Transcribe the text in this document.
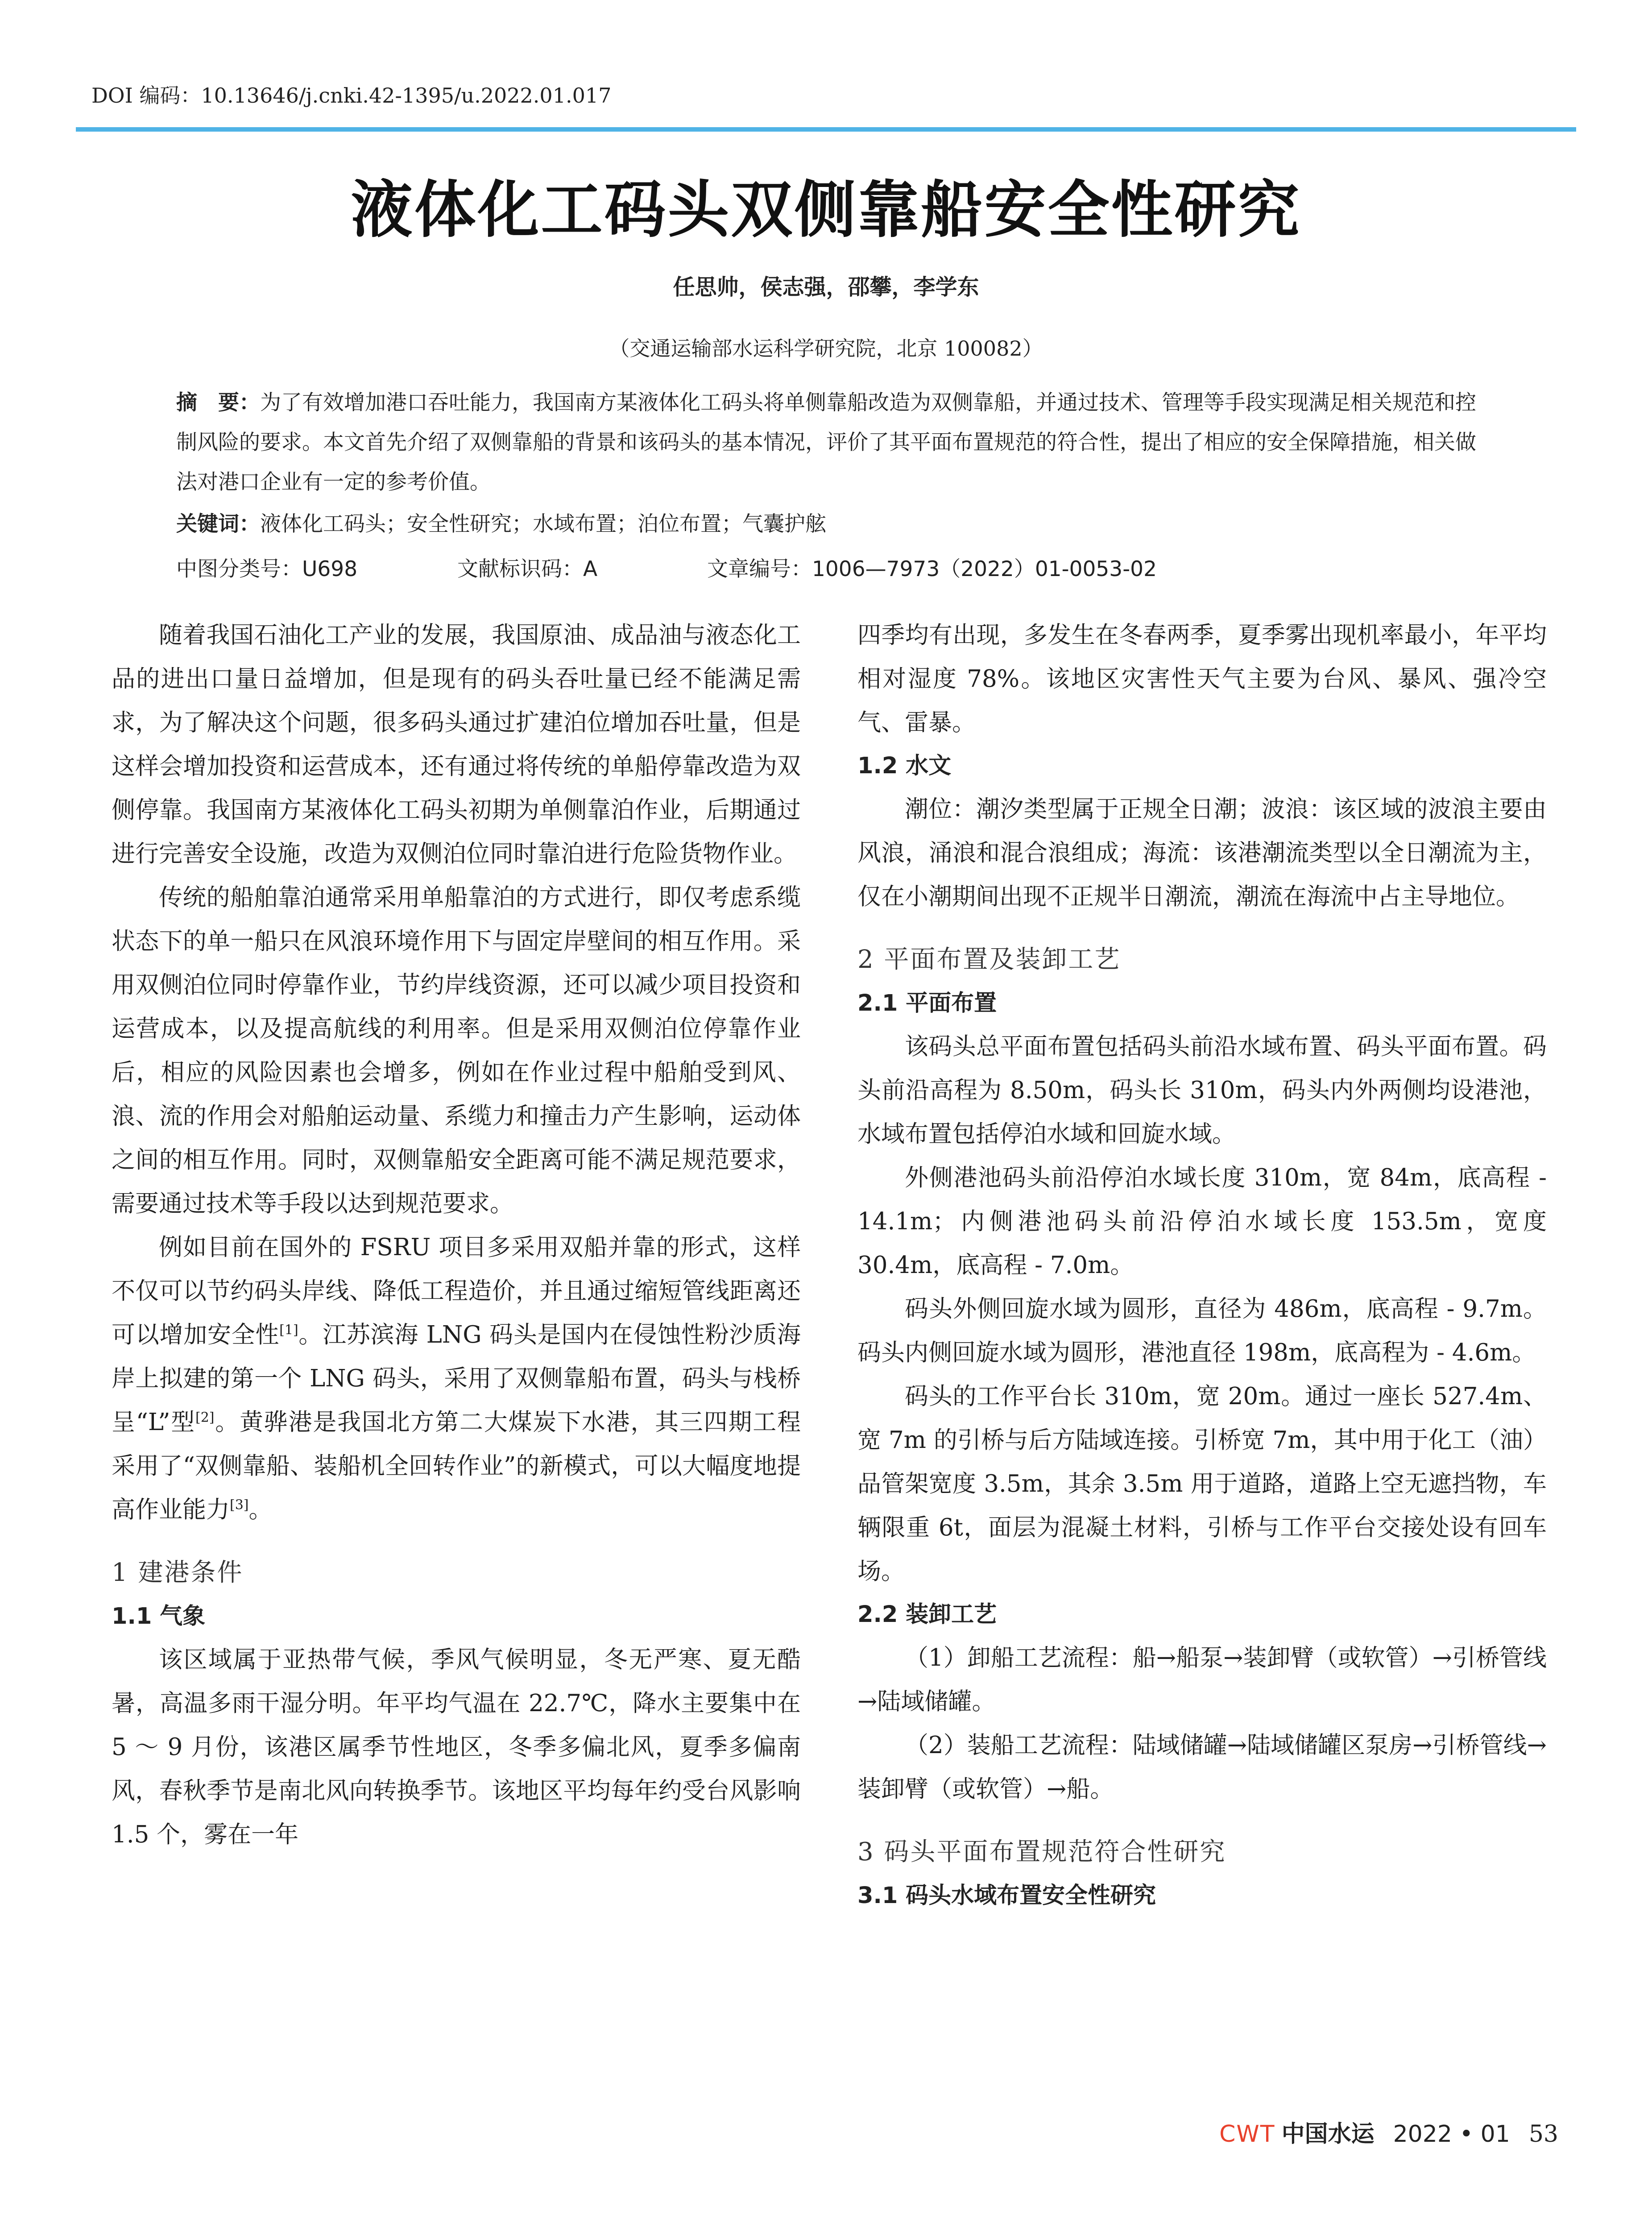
DOI 编码：10.13646/j.cnki.42-1395/u.2022.01.017
液体化工码头双侧靠船安全性研究
任思帅，侯志强，邵攀，李学东
（交通运输部水运科学研究院，北京 100082）
摘　要：为了有效增加港口吞吐能力，我国南方某液体化工码头将单侧靠船改造为双侧靠船，并通过技术、管理等手段实现满足相关规范和控制风险的要求。本文首先介绍了双侧靠船的背景和该码头的基本情况，评价了其平面布置规范的符合性，提出了相应的安全保障措施，相关做法对港口企业有一定的参考价值。
关键词：液体化工码头；安全性研究；水域布置；泊位布置；气囊护舷
中图分类号：U698	文献标识码：A	文章编号：1006—7973（2022）01-0053-02

随着我国石油化工产业的发展，我国原油、成品油与液态化工品的进出口量日益增加，但是现有的码头吞吐量已经不能满足需求，为了解决这个问题，很多码头通过扩建泊位增加吞吐量，但是这样会增加投资和运营成本，还有通过将传统的单船停靠改造为双侧停靠。我国南方某液体化工码头初期为单侧靠泊作业，后期通过进行完善安全设施，改造为双侧泊位同时靠泊进行危险货物作业。

传统的船舶靠泊通常采用单船靠泊的方式进行，即仅考虑系缆状态下的单一船只在风浪环境作用下与固定岸壁间的相互作用。采用双侧泊位同时停靠作业，节约岸线资源，还可以减少项目投资和运营成本，以及提高航线的利用率。但是采用双侧泊位停靠作业后，相应的风险因素也会增多，例如在作业过程中船舶受到风、浪、流的作用会对船舶运动量、系缆力和撞击力产生影响，运动体之间的相互作用。同时，双侧靠船安全距离可能不满足规范要求，需要通过技术等手段以达到规范要求。

例如目前在国外的 FSRU 项目多采用双船并靠的形式，这样不仅可以节约码头岸线、降低工程造价，并且通过缩短管线距离还可以增加安全性[1]。江苏滨海 LNG 码头是国内在侵蚀性粉沙质海岸上拟建的第一个 LNG 码头，采用了双侧靠船布置，码头与栈桥呈“L”型[2]。黄骅港是我国北方第二大煤炭下水港，其三四期工程采用了“双侧靠船、装船机全回转作业”的新模式，可以大幅度地提高作业能力[3]。

1 建港条件
1.1 气象

该区域属于亚热带气候，季风气候明显，冬无严寒、夏无酷暑，高温多雨干湿分明。年平均气温在 22.7℃，降水主要集中在 5 ～ 9 月份，该港区属季节性地区，冬季多偏北风，夏季多偏南风，春秋季节是南北风向转换季节。该地区平均每年约受台风影响 1.5 个，雾在一年

四季均有出现，多发生在冬春两季，夏季雾出现机率最小，年平均相对湿度 78%。该地区灾害性天气主要为台风、暴风、强冷空气、雷暴。

1.2 水文

潮位：潮汐类型属于正规全日潮；波浪：该区域的波浪主要由风浪，涌浪和混合浪组成；海流：该港潮流类型以全日潮流为主，仅在小潮期间出现不正规半日潮流，潮流在海流中占主导地位。

2 平面布置及装卸工艺
2.1 平面布置

该码头总平面布置包括码头前沿水域布置、码头平面布置。码头前沿高程为 8.50m，码头长 310m，码头内外两侧均设港池，水域布置包括停泊水域和回旋水域。

外侧港池码头前沿停泊水域长度 310m，宽 84m，底高程 - 14.1m；内侧港池码头前沿停泊水域长度 153.5m，宽度 30.4m，底高程 - 7.0m。

码头外侧回旋水域为圆形，直径为 486m，底高程 - 9.7m。码头内侧回旋水域为圆形，港池直径 198m，底高程为 - 4.6m。

码头的工作平台长 310m，宽 20m。通过一座长 527.4m、宽 7m 的引桥与后方陆域连接。引桥宽 7m，其中用于化工（油）品管架宽度 3.5m，其余 3.5m 用于道路，道路上空无遮挡物，车辆限重 6t，面层为混凝土材料，引桥与工作平台交接处设有回车场。

2.2 装卸工艺

（1）卸船工艺流程：船→船泵→装卸臂（或软管）→引桥管线→陆域储罐。

（2）装船工艺流程：陆域储罐→陆域储罐区泵房→引桥管线→装卸臂（或软管）→船。

3 码头平面布置规范符合性研究
3.1 码头水域布置安全性研究
CWT 中国水运 2022 • 01 53
